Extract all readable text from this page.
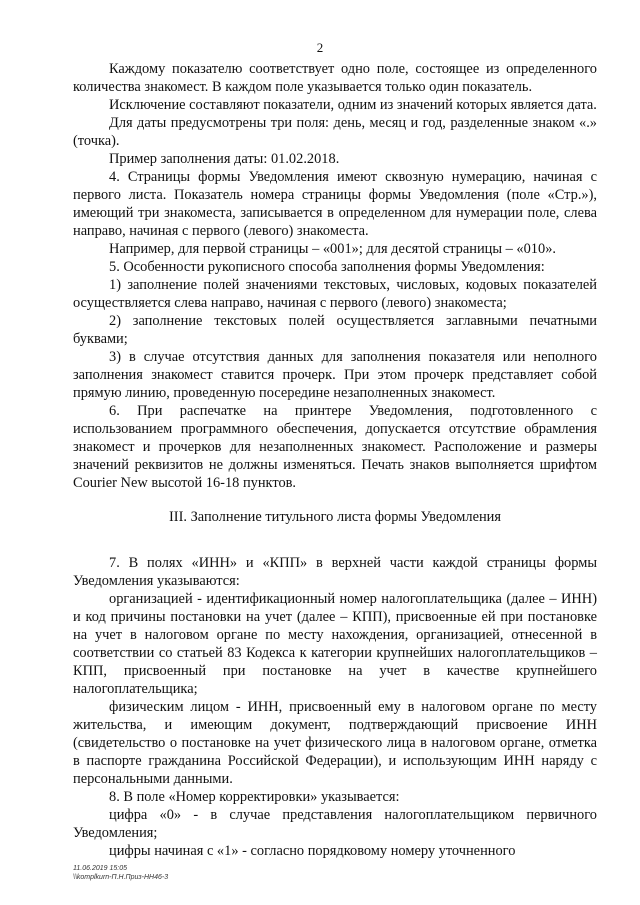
2

Каждому показателю соответствует одно поле, состоящее из определенного количества знакомест. В каждом поле указывается только один показатель.

Исключение составляют показатели, одним из значений которых является дата.

Для даты предусмотрены три поля: день, месяц и год, разделенные знаком «.» (точка).

Пример заполнения даты: 01.02.2018.

4. Страницы формы Уведомления имеют сквозную нумерацию, начиная с первого листа. Показатель номера страницы формы Уведомления (поле «Стр.»), имеющий три знакоместа, записывается в определенном для нумерации поле, слева направо, начиная с первого (левого) знакоместа.

Например, для первой страницы – «001»; для десятой страницы – «010».

5. Особенности рукописного способа заполнения формы Уведомления:

1) заполнение полей значениями текстовых, числовых, кодовых показателей осуществляется слева направо, начиная с первого (левого) знакоместа;

2) заполнение текстовых полей осуществляется заглавными печатными буквами;

3) в случае отсутствия данных для заполнения показателя или неполного заполнения знакомест ставится прочерк. При этом прочерк представляет собой прямую линию, проведенную посередине незаполненных знакомест.

6. При распечатке на принтере Уведомления, подготовленного с использованием программного обеспечения, допускается отсутствие обрамления знакомест и прочерков для незаполненных знакомест. Расположение и размеры значений реквизитов не должны изменяться. Печать знаков выполняется шрифтом Courier New высотой 16-18 пунктов.

III. Заполнение титульного листа формы Уведомления

7. В полях «ИНН» и «КПП» в верхней части каждой страницы формы Уведомления указываются:

организацией - идентификационный номер налогоплательщика (далее – ИНН) и код причины постановки на учет (далее – КПП), присвоенные ей при постановке на учет в налоговом органе по месту нахождения, организацией, отнесенной в соответствии со статьей 83 Кодекса к категории крупнейших налогоплательщиков – КПП, присвоенный при постановке на учет в качестве крупнейшего налогоплательщика;

физическим лицом - ИНН, присвоенный ему в налоговом органе по месту жительства, и имеющим документ, подтверждающий присвоение ИНН (свидетельство о постановке на учет физического лица в налоговом органе, отметка в паспорте гражданина Российской Федерации), и использующим ИНН наряду с персональными данными.

8. В поле «Номер корректировки» указывается:

цифра «0» - в случае представления налогоплательщиком первичного Уведомления;

цифры начиная с «1» - согласно порядковому номеру уточненного

11.06.2019 15:05
\\komplkurn-П.Н.Приз-НН46-3
